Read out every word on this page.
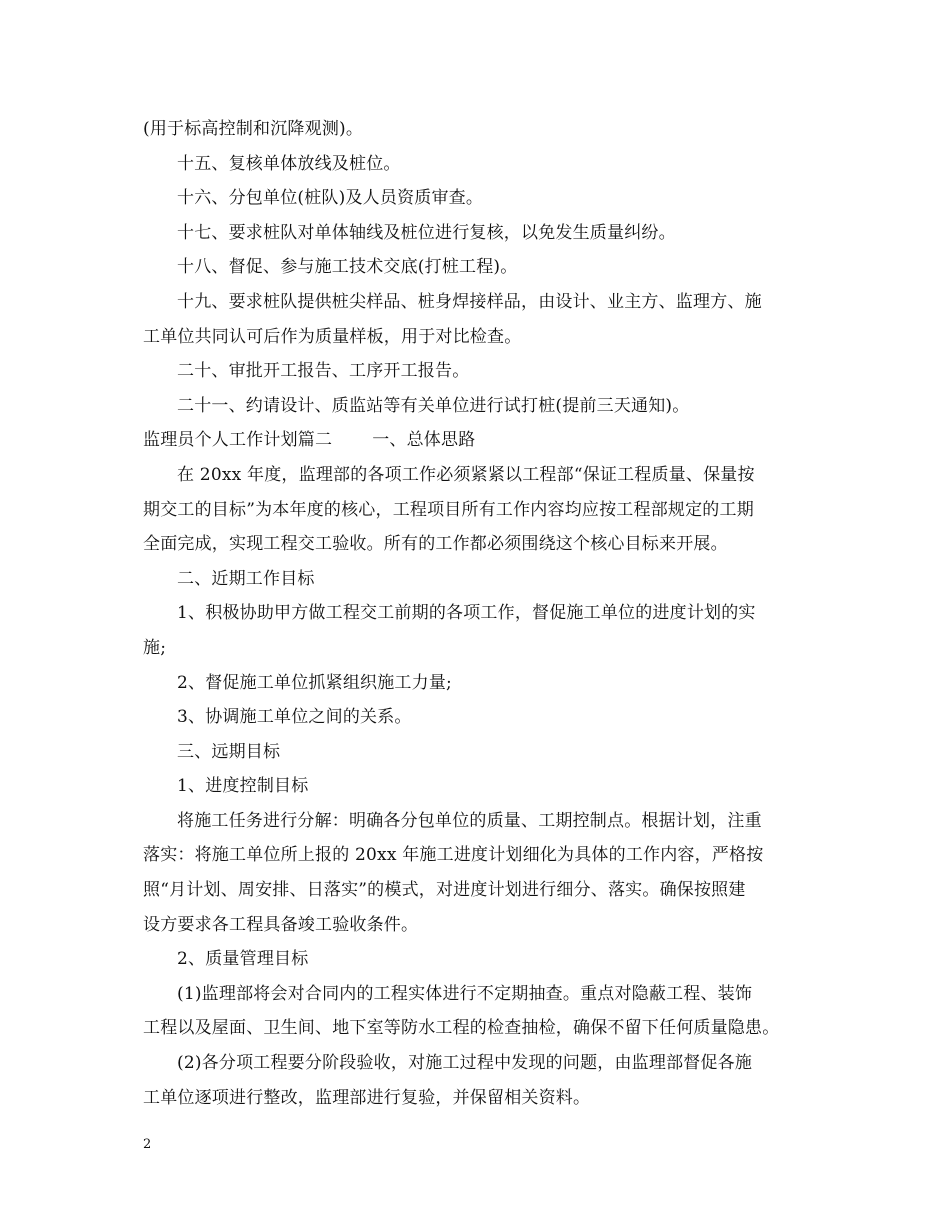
(用于标高控制和沉降观测)。
十五、复核单体放线及桩位。
十六、分包单位(桩队)及人员资质审查。
十七、要求桩队对单体轴线及桩位进行复核，以免发生质量纠纷。
十八、督促、参与施工技术交底(打桩工程)。
十九、要求桩队提供桩尖样品、桩身焊接样品，由设计、业主方、监理方、施
工单位共同认可后作为质量样板，用于对比检查。
二十、审批开工报告、工序开工报告。
二十一、约请设计、质监站等有关单位进行试打桩(提前三天通知)。
监理员个人工作计划篇二 一、总体思路
在 20xx 年度，监理部的各项工作必须紧紧以工程部“保证工程质量、保量按
期交工的目标”为本年度的核心，工程项目所有工作内容均应按工程部规定的工期
全面完成，实现工程交工验收。所有的工作都必须围绕这个核心目标来开展。
二、近期工作目标
1、积极协助甲方做工程交工前期的各项工作，督促施工单位的进度计划的实
施;
2、督促施工单位抓紧组织施工力量;
3、协调施工单位之间的关系。
三、远期目标
1、进度控制目标
将施工任务进行分解：明确各分包单位的质量、工期控制点。根据计划，注重
落实：将施工单位所上报的 20xx 年施工进度计划细化为具体的工作内容，严格按
照“月计划、周安排、日落实”的模式，对进度计划进行细分、落实。确保按照建
设方要求各工程具备竣工验收条件。
2、质量管理目标
(1)监理部将会对合同内的工程实体进行不定期抽查。重点对隐蔽工程、装饰
工程以及屋面、卫生间、地下室等防水工程的检查抽检，确保不留下任何质量隐患。
(2)各分项工程要分阶段验收，对施工过程中发现的问题，由监理部督促各施
工单位逐项进行整改，监理部进行复验，并保留相关资料。
2
